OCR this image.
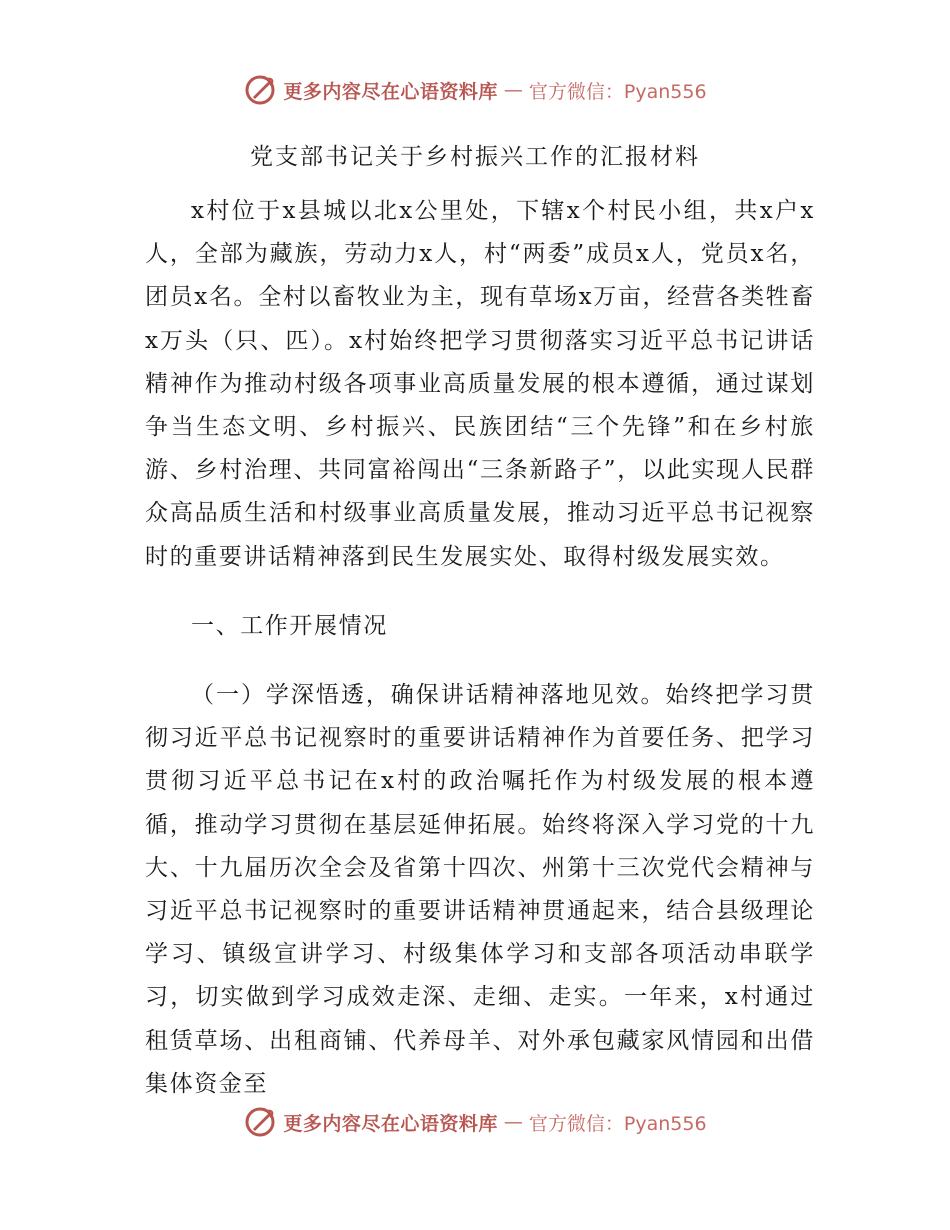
更多内容尽在心语资料库 — 官方微信：Pyan556
党支部书记关于乡村振兴工作的汇报材料

x村位于x县城以北x公里处，下辖x个村民小组，共x户x人，全部为藏族，劳动力x人，村“两委”成员x人，党员x名，团员x名。全村以畜牧业为主，现有草场x万亩，经营各类牲畜x万头（只、匹）。x村始终把学习贯彻落实习近平总书记讲话精神作为推动村级各项事业高质量发展的根本遵循，通过谋划争当生态文明、乡村振兴、民族团结“三个先锋”和在乡村旅游、乡村治理、共同富裕闯出“三条新路子”，以此实现人民群众高品质生活和村级事业高质量发展，推动习近平总书记视察时的重要讲话精神落到民生发展实处、取得村级发展实效。

一、工作开展情况

（一）学深悟透，确保讲话精神落地见效。始终把学习贯彻习近平总书记视察时的重要讲话精神作为首要任务、把学习贯彻习近平总书记在x村的政治嘱托作为村级发展的根本遵循，推动学习贯彻在基层延伸拓展。始终将深入学习党的十九大、十九届历次全会及省第十四次、州第十三次党代会精神与习近平总书记视察时的重要讲话精神贯通起来，结合县级理论学习、镇级宣讲学习、村级集体学习和支部各项活动串联学习，切实做到学习成效走深、走细、走实。一年来，x村通过租赁草场、出租商铺、代养母羊、对外承包藏家风情园和出借集体资金至

更多内容尽在心语资料库 — 官方微信：Pyan556
